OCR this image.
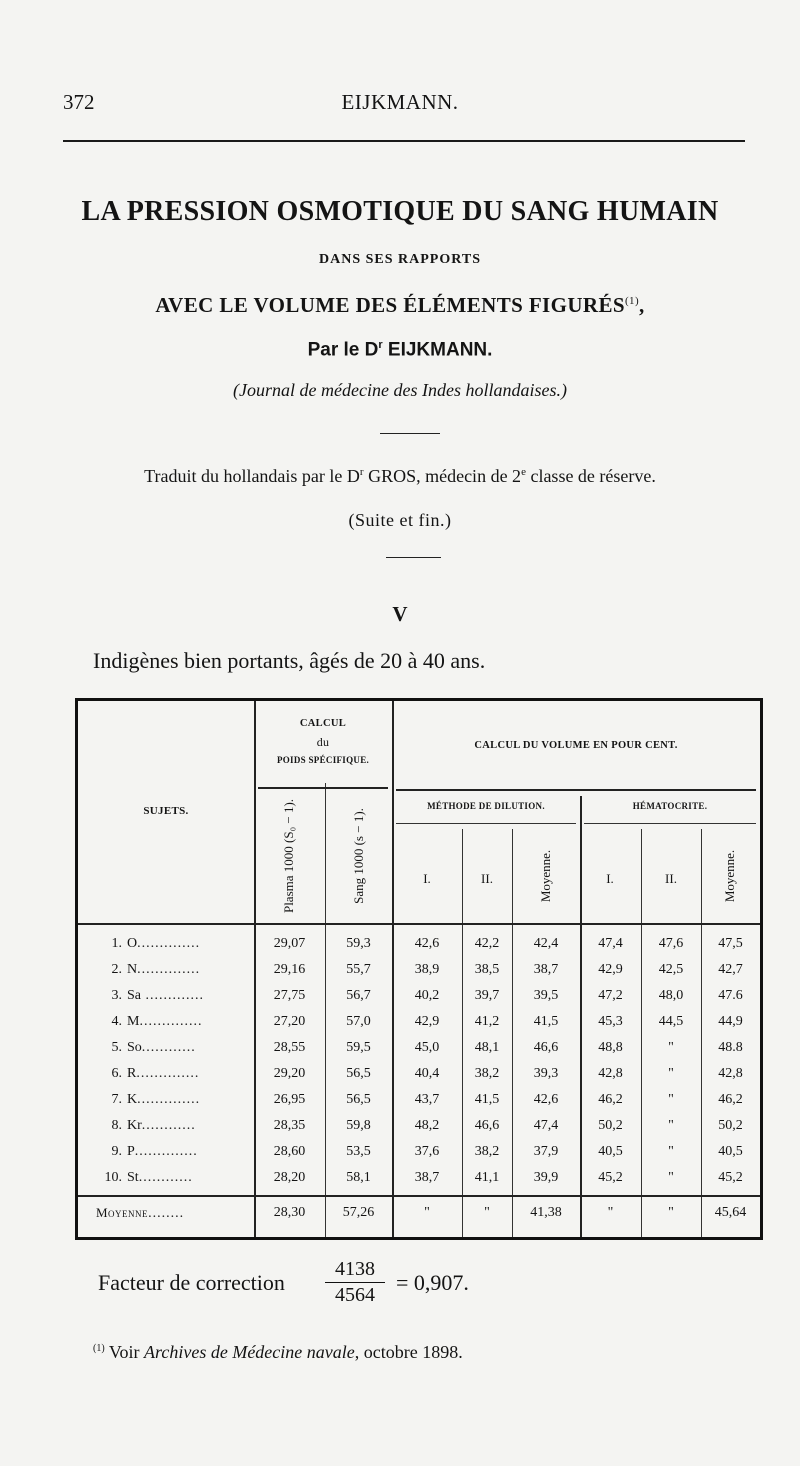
372	EIJKMANN.
LA PRESSION OSMOTIQUE DU SANG HUMAIN
DANS SES RAPPORTS
AVEC LE VOLUME DES ÉLÉMENTS FIGURÉS$^{(1)}$,
Par le $D^r$ EIJKMANN.
(Journal de médecine des Indes hollandaises.)
Traduit du hollandais par le $D^r$ GROS, médecin de 2e classe de réserve.
(Suite et fin.)
V
Indigènes bien portants, âgés de 20 à 40 ans.
SUJETS.
CALCUL
du
POIDS SPÉCIFIQUE.
Plasma 1000 (S₀ − 1).	Sang 1000 (s − 1).
CALCUL DU VOLUME EN POUR CENT.
MÉTHODE DE DILUTION.	HÉMATOCRITE.
I.	II.	Moyenne.	I.	II.	Moyenne.
1. O..............	29,07	59,3	42,6	42,2	42,4	47,4	47,6	47,5
2. N..............	29,16	55,7	38,9	38,5	38,7	42,9	42,5	42,7
3. Sa .............	27,75	56,7	40,2	39,7	39,5	47,2	48,0	47.6
4. M..............	27,20	57,0	42,9	41,2	41,5	45,3	44,5	44,9
5. So............	28,55	59,5	45,0	48,1	46,6	48,8	"	48.8
6. R..............	29,20	56,5	40,4	38,2	39,3	42,8	"	42,8
7. K..............	26,95	56,5	43,7	41,5	42,6	46,2	"	46,2
8. Kr............	28,35	59,8	48,2	46,6	47,4	50,2	"	50,2
9. P..............	28,60	53,5	37,6	38,2	37,9	40,5	"	40,5
10. St............	28,20	58,1	38,7	41,1	39,9	45,2	"	45,2
Moyenne........	28,30	57,26	"	"	41,38	"	"	45,64
Facteur de correction
4138
4564 = 0,907.
$^{(1)}$ Voir Archives de Médecine navale, octobre 1898.
